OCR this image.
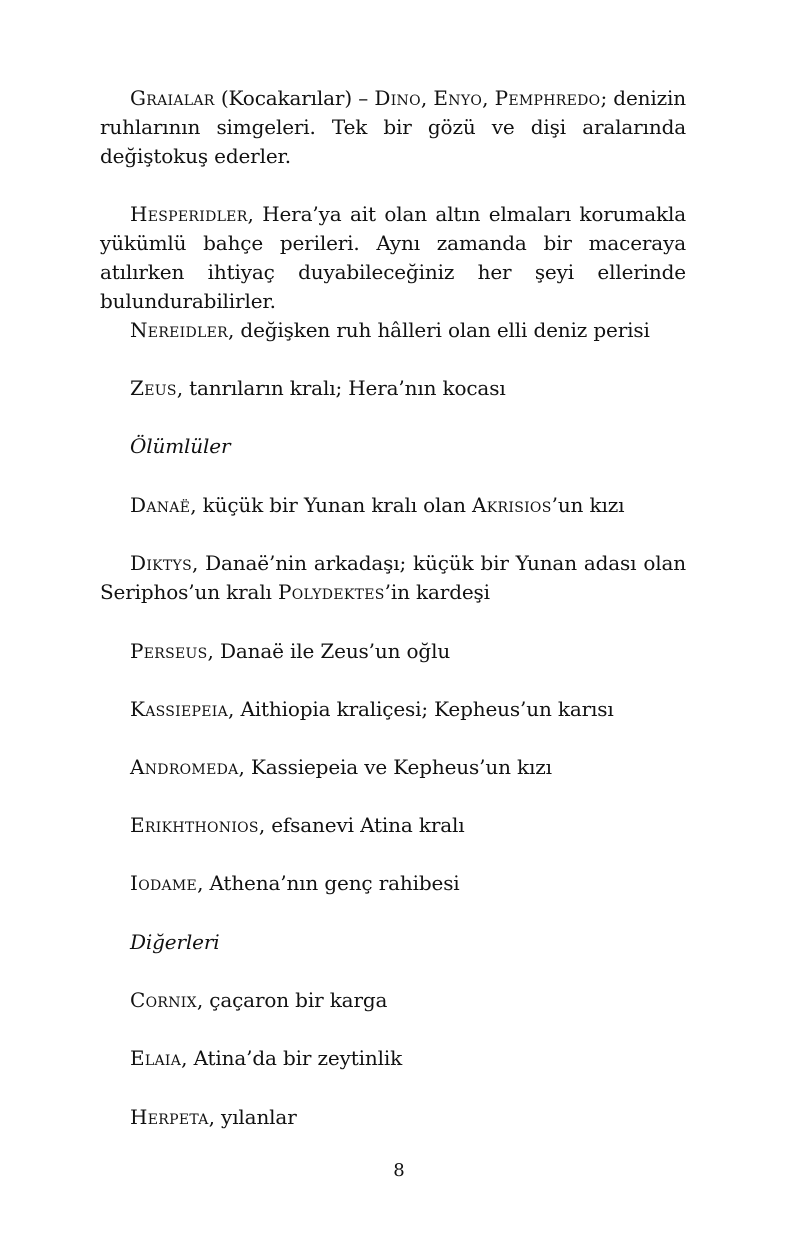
Graialar (Kocakarılar) – Dino, Enyo, Pemphredo; denizin ruhlarının simgeleri. Tek bir gözü ve dişi aralarında değiştokuş ederler.

Hesperidler, Hera’ya ait olan altın elmaları korumakla yükümlü bahçe perileri. Aynı zamanda bir maceraya atılırken ihtiyaç duyabileceğiniz her şeyi ellerinde bulundurabilirler.

Nereidler, değişken ruh hâlleri olan elli deniz perisi

Zeus, tanrıların kralı; Hera’nın kocası

Ölümlüler

Danaë, küçük bir Yunan kralı olan Akrisios’un kızı

Diktys, Danaë’nin arkadaşı; küçük bir Yunan adası olan Seriphos’un kralı Polydektes’in kardeşi

Perseus, Danaë ile Zeus’un oğlu

Kassiepeia, Aithiopia kraliçesi; Kepheus’un karısı

Andromeda, Kassiepeia ve Kepheus’un kızı

Erikhthonios, efsanevi Atina kralı

Iodame, Athena’nın genç rahibesi

Diğerleri

Cornix, çaçaron bir karga

Elaia, Atina’da bir zeytinlik

Herpeta, yılanlar

8
